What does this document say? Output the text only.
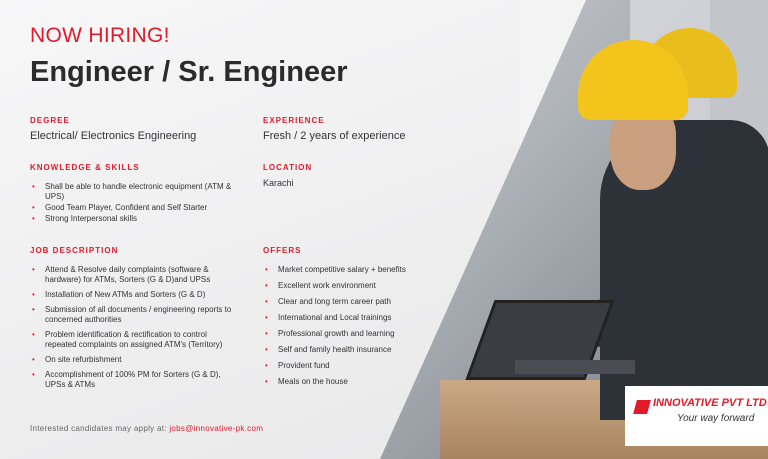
NOW HIRING!
Engineer / Sr. Engineer
DEGREE
Electrical/ Electronics Engineering
EXPERIENCE
Fresh / 2 years of experience
KNOWLEDGE & SKILLS
• Shall be able to handle electronic equipment (ATM & UPS)
• Good Team Player, Confident and Self Starter
• Strong Interpersonal skills
LOCATION
Karachi
JOB DESCRIPTION
• Attend & Resolve daily complaints (software & hardware) for ATMs, Sorters (G & D)and UPSs
• Installation of New ATMs and Sorters (G & D)
• Submission of all documents / engineering reports to concerned authorities
• Problem identification & rectification to control repeated complaints on assigned ATM's (Territory)
• On site refurbishment
• Accomplishment of 100% PM for Sorters (G & D), UPSs & ATMs
OFFERS
• Market competitive salary + benefits
• Excellent work environment
• Clear and long term career path
• International and Local trainings
• Professional growth and learning
• Self and family health insurance
• Provident fund
• Meals on the house
Interested candidates may apply at: jobs@innovative-pk.com
INNOVATIVE PVT LTD
Your way forward
